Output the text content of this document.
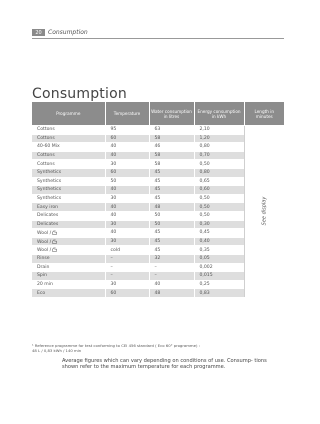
20	Consumption
Consumption
Programme	Temperature	Water consumption in litres	Energy consumption in kWh	Length in minutes
Cottons	95	63	2,10	See display
Cottons	60	58	1,20	
40-60 Mix	40	46	0,80	
Cottons	40	58	0,70	
Cottons	30	58	0,50	
Synthetics	60	45	0,80	
Synthetics	50	45	0,65	
Synthetics	40	45	0,60	
Synthetics	30	45	0,50	
Easy iron	40	48	0,50	
Delicates	40	50	0,50	
Delicates	30	50	0,30	
Wool /	40	45	0,45	
Wool /	30	45	0,40	
Wool /	cold	45	0,35	
Rinse	–	32	0,05	
Drain	–	–	0,002	
Spin	–	–	0,015	
20 min	30	40	0,25	
Eco	60	48	0,83	
¹ Reference programme for test conforming to CEI 456 standard ( Eco 60° programme) :
48 L / 0,83 kWh / 140 min
Average figures which can vary depending on conditions of use. Consump- tions shown refer to the maximum temperature for each programme.
